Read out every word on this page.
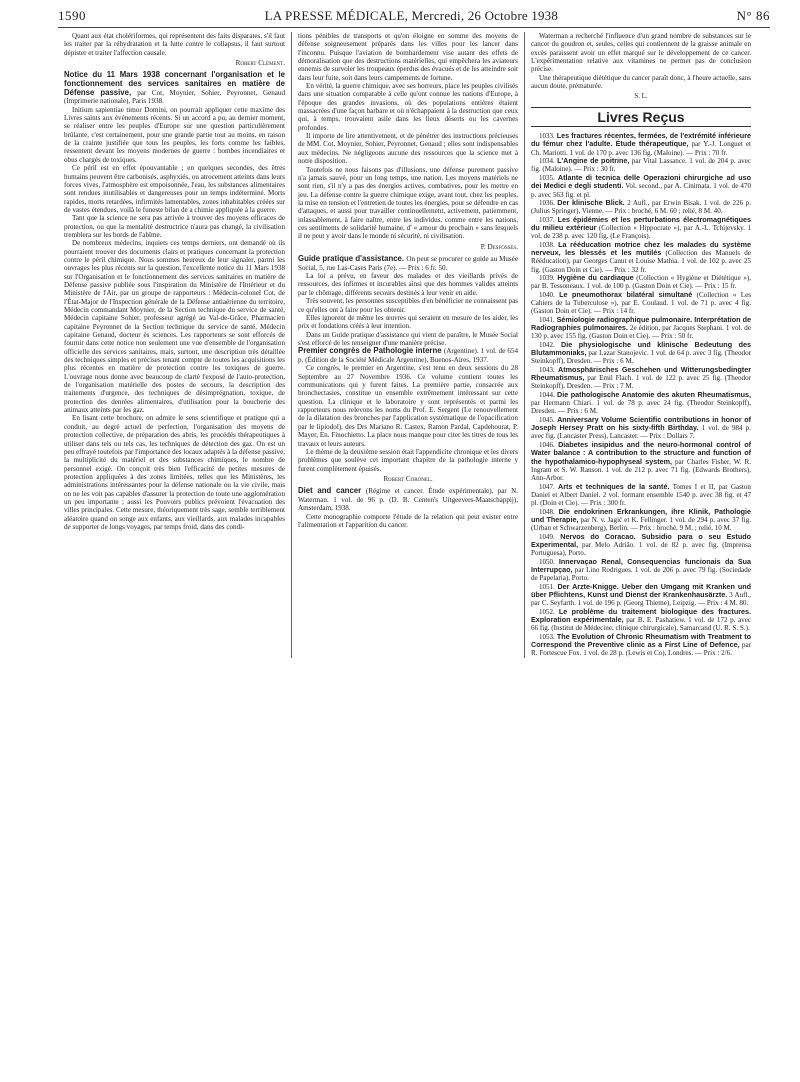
1590	LA PRESSE MÉDICALE, Mercredi, 26 Octobre 1938	N° 86

Quant aux état cholériformes, qui représentent des faits disparates, s'il faut les traiter par la réhydratation et la lutte contre le collapsus, il faut surtout dépister et traiter l'affection causale.

Robert Clément.

Notice du 11 Mars 1938 concernant l'organisation et le fonctionnement des services sanitaires en matière de Défense passive, par Cot, Moynier, Sohier, Peyronnet, Genaud (Imprimerie nationale), Paris 1938.

Initium sapientiae timor Domini, on pourrait appliquer cette maxime des Livres saints aux événements récents. Si un accord a pu, au dernier moment, se réaliser entre les peuples d'Europe sur une question particulièrement brûlante, c'est certainement, pour une grande partie tout au moins, en raison de la crainte justifiée que tous les peuples, les forts comme les faibles, ressentent devant les moyens modernes de guerre : bombes incendiaires et obus chargés de toxiques.

Ce péril est en effet épouvantable ; en quelques secondes, des êtres humains peuvent être carbonisés, asphyxiés, ou atrocement atteints dans leurs forces vives, l'atmosphère est empoisonnée, l'eau, les substances alimentaires sont rendues inutilisables et dangereuses pour un temps indéterminé. Morts rapides, morts retardées, infirmités lamentables, zones inhabitables créées sur de vastes étendues, voilà le funeste bilan de a chimie appliquée à la guerre.

Tant que la science ne sera pas arrivée à trouver des moyens efficaces de protection, ou que la mentalité destructrice n'aura pas changé, la civilisation tremblera sur les bords de l'abîme.

De nombreux médecins, inquiets ces temps derniers, ont demandé où ils pourraient trouver des documents clairs et pratiques concernant la protection contre le péril chimique. Nous sommes heureux de leur signaler, parmi les ouvrages les plus récents sur la question, l'excellente notice du 11 Mars 1938 sur l'Organisation et le fonctionnement des services sanitaires en matière de Défense passive publiée sous l'inspiration du Ministère de l'Intérieur et du Ministère de l'Air, par un groupe de rapporteurs : Médecin-colonel Cot, de l'État-Major de l'Inspection générale de la Défense antiaérienne du territoire, Médecin commandant Moynier, de la Section technique du service de santé, Médecin capitaine Sohier, professeur agrégé au Val-de-Grâce, Pharmacien capitaine Peyronnet de la Section technique du service de santé, Médecin capitaine Genaud, docteur ès sciences. Les rapporteurs se sont efforcés de fournir dans cette notice non seulement une vue d'ensemble de l'organisation officielle des services sanitaires, mais, surtout, une description très détaillée des techniques simples et précises tenant compte de toutes les acquisitions les plus récentes en matière de protection contre les toxiques de guerre. L'ouvrage nous donne avec beaucoup de clarté l'exposé de l'auto-protection, de l'organisation matérielle des postes de secours, la description des traitements d'urgence, des techniques de désimprégnation, toxique, de protection des denrées alimentaires, d'utilisation pour la boucherie des animaux atteints par les gaz.

En lisant cette brochure, on admire le sens scientifique et pratique qui a conduit, au degré actuel de perfection, l'organisation des moyens de protection collective, de préparation des abris, les procédés thérapeutiques à utiliser dans tels ou tels cas, les techniques de détection des gaz. On est un peu effrayé toutefois par l'importance des locaux adaptés à la défense passive, la multiplicité du matériel et des substances chimiques, le nombre de personnel exigé. On conçoit très bien l'efficacité de petites mesures de protection appliquées à des zones limitées, telles que les Ministères, les administrations intéressantes pour la défense nationale ou la vie civile, mais on ne les voit pas capables d'assurer la protection de toute une agglomération un peu importante ; aussi les Pouvoirs publics prévoient l'évacuation des villes principales. Cette mesure, théoriquement très sage, semble terriblement aléatoire quand on songe aux enfants, aux vieillards, aux malades incapables de supporter de longs voyages, par temps froid, dans des condi-

tions pénibles de transports et qu'on éloigne en somme des moyens de défense soigneusement préparés dans les villes pour les lancer dans l'inconnu. Puisque l'aviation de bombardement vise autant des effets de démoralisation que des destructions matérielles, qui empêchera les aviateurs ennemis de survoler les troupeaux éperdus des évacués et de les atteindre soit dans leur fuite, soit dans leurs campements de fortune.

En vérité, la guerre chimique, avec ses horreurs, place les peuples civilisés dans une situation comparable à celle qu'ont connue les nations d'Europe, à l'époque des grandes invasions, où des populations entières étaient massacrées d'une façon barbare et où n'échappaient à la destruction que ceux qui, à temps, trouvaient asile dans les lieux déserts ou les cavernes profondes.

Il importe de lire attentivement, et de pénétrer des instructions précieuses de MM. Cot, Moynier, Sohier, Peyronnet, Genaud ; elles sont indispensables aux médecins. Ne négligeons aucune des ressources que la science met à notre disposition.

Toutefois ne nous faisons pas d'illusions, une défense purement passive n'a jamais sauvé, pour un long temps, une nation. Les moyens matériels ne sont rien, s'il n'y a pas des énergies actives, combatives, pour les mettre en jeu. La défense contre la guerre chimique exige, avant tout, chez les peuples, la mise en tension et l'entretien de toutes les énergies, pour se défendre en cas d'attaques, et aussi pour travailler continuellement, activement, patiemment, inlassablement, à faire naître, entre les individus, comme entre les nations, ces sentiments de solidarité humaine, d' « amour du prochain » sans lesquels il ne peut y avoir dans le monde ni sécurité, ni civilisation.

P. Desfosses.

Guide pratique d'assistance. On peut se procurer ce guide au Musée Social, 5, rue Las-Cases Paris (7e). — Prix : 6 fr. 50.

La loi a prévu, en faveur des malades et des vieillards privés de ressources, des infirmes et incurables ainsi que des hommes valides atteints par le chômage, différents secours destinés à leur venir en aide.

Très souvent, les personnes susceptibles d'en bénéficier ne connaissent pas ce qu'elles ont à faire pour les obtenir.

Elles ignorent de même les œuvres qui seraient en mesure de les aider, les prix et fondations créés à leur intention.

Dans un Guide pratique d'assistance qui vient de paraître, le Musée Social s'est efforcé de les renseigner d'une manière précise.

Premier congrès de Pathologie interne (Argentine). 1 vol. de 654 p. (Édition de la Société Médicale Argentine), Buenos-Aires, 1937.

Ce congrès, le premier en Argentine, s'est tenu en deux sessions du 28 Septembre au 27 Novembre 1936. Ce volume contient toutes les communications qui y furent faites. La première partie, consacrée aux bronchectasies, constitue un ensemble extrêmement intéressant sur cette question. La clinique et le laboratoire y sont représentés et parmi les rapporteurs nous relevons les noms du Prof. E. Sergent (Le renouvellement de la dilatation des bronches par l'application systématique de l'opacification par le lipiodol), des Drs Mariano R. Castex, Ramon Pardal, Capdehourat, P. Mayer, En. Finochietto. La place nous manque pour citer les titres de tous les travaux et leurs auteurs.

Le thème de la deuxième session était l'appendicite chronique et les divers problèmes que soulève cet important chapitre de la pathologie interne y furent complètement épuisés.

Robert Coronel.

Diet and cancer (Régime et cancer. Étude expérimentale), par N. Waterman. 1 vol. de 96 p. (D. B. Centen's Uitgeevers-Maatschappij), Amsterdam, 1938.

Cette monographie comporte l'étude de la relation qui peut exister entre l'alimentation et l'apparition du cancer.

Waterman a recherché l'influence d'un grand nombre de substances sur le cancer du goudron et, seules, celles qui contiennent de la graisse animale en excès paraissent avoir un effet marqué sur le développement de ce cancer. L'expérimentation relative aux vitamines ne permet pas de conclusion précise.

Une thérapeutique diététique du cancer paraît donc, à l'heure actuelle, sans aucun doute, prématurée.

S. L.
Livres Reçus

1033. Les fractures récentes, fermées, de l'extrémité inférieure du fémur chez l'adulte. Étude thérapeutique, par Y.-J. Longuet et Ch. Mariotti. 1 vol. de 170 p. avec 136 fig. (Maloine). — Prix : 70 fr.

1034. L'Angine de poitrine, par Vital Lassance. 1 vol. de 204 p. avec fig. (Maloine). — Prix : 30 fr.

1035. Atlante di tecnica delle Operazioni chirurgiche ad uso dei Medici e degli studenti. Vol. second., par A. Cinimata. 1 vol. de 470 p. avec 563 fig. et pl.

1036. Der klinische Blick. 2 Aufl., par Erwin Bisak. 1 vol. de 226 p. (Julius Springer), Vienne. — Prix : broché, 6 M. 60 ; relié, 8 M. 40.

1037. Les épidémies et les perturbations électromagnétiques du milieu extérieur (Collection « Hippocrate »), par A.-L. Tchijevsky. 1 vol. de 238 p. avec 120 fig. (Le François).

1038. La rééducation motrice chez les malades du système nerveux, les blessés et les mutilés (Collection des Manuels de Rééducation), par Georges Canut et Louise Mathia. 1 vol. de 102 p. avec 25 fig. (Gaston Doin et Cie). — Prix : 32 fr.

1039. Hygiène du cardiaque (Collection « Hygiène et Diététique »), par B. Tessoneaux. 1 vol. de 100 p. (Gaston Doin et Cie). — Prix : 15 fr.

1040. Le pneumothorax bilatéral simultané (Collection « Les Cahiers de la Tuberculose »), par E. Coulaud. 1 vol. de 71 p. avec 4 fig. (Gaston Doin et Cie). — Prix : 14 fr.

1041. Sémiologie radiographique pulmonaire. Interprétation de Radiographies pulmonaires. 2e édition, par Jacques Stephani. 1 vol. de 130 p. avec 155 fig. (Gaston Doin et Cie). — Prix : 50 fr.

1042. Die physiologische und klinische Bedeutung des Blutammoniaks, par Lazar Stanojevic. 1 vol. de 64 p. avec 3 fig. (Theodor Steinkopff), Dresden. — Prix : 6 M.

1043. Atmosphärisches Geschehen und Witterungsbedingter Rheumatismus, par Emil Flach. 1 vol. de 122 p. avec 25 fig. (Theodor Steinkopff), Dresden. — Prix : 7 M.

1044. Die pathologische Anatomie des akuten Rheumatismus, par Hermann Chiari. 1 vol. de 78 p. avec 24 fig. (Theodor Steinkopff), Dresden. — Prix : 6 M.

1045. Anniversary Volume Scientific contributions in honor of Joseph Hersey Pratt on his sixty-fifth Birthday. 1 vol. de 984 p. avec fig. (Lancaster Press), Lancaster. — Prix : Dollars 7.

1046. Diabetes insipidus and the neuro-hormonal control of Water balance : A contribution to the structure and function of the hypothalamico-hypophyseal system, par Charles Fisher, W. R. Ingram et S. W. Ranson. 1 vol. de 212 p. avec 71 fig. (Edwards Brothers), Ann-Arbor.

1047. Arts et techniques de la santé. Tomes I et II, par Gaston Daniel et Albert Daniel. 2 vol. formant ensemble 1540 p. avec 38 fig. et 47 pl. (Doin et Cie). — Prix : 300 fr.

1048. Die endokrinen Erkrankungen, ihre Klinik, Pathologie und Therapie, par N. v. Jagić et K. Fellinger. 1 vol. de 294 p. avec 37 fig. (Urban et Schwarzenberg), Berlin. — Prix : broché, 9 M. ; relié, 10 M.

1049. Nervos do Coracao. Subsidio para o seu Estudo Experimental, par Melo Adrião. 1 vol. de 82 p. avec fig. (Imprensa Portuguesa), Porto.

1050. Innervaçao Renal, Consequencias funcionais da Sua Interrupçao, par Lino Rodrigues. 1 vol. de 206 p. avec 79 fig. (Sociedade de Papelaria), Porto.

1051. Der Arzte-Knigge. Ueber den Umgang mit Kranken und über Pflichtens, Kunst und Dienst der Krankenhausärzte. 3 Aufl., par C. Seyfarth. 1 vol. de 196 p. (Georg Thieme), Leipzig. — Prix : 4 M. 80.

1052. Le problème du traitement biologique des fractures. Exploration expérimentale, par B. E. Pashatiew. 1 vol. de 172 p. avec 66 fig. (Institut de Médecine, clinique chirurgicale), Samarcand (U. R. S. S.).

1053. The Evolution of Chronic Rheumatism with Treatment to Correspond the Preventive clinic as a First Line of Defence, par R. Fortescue Fox. 1 vol. de 28 p. (Lewis et Co), Londres. — Prix : 2/6.
